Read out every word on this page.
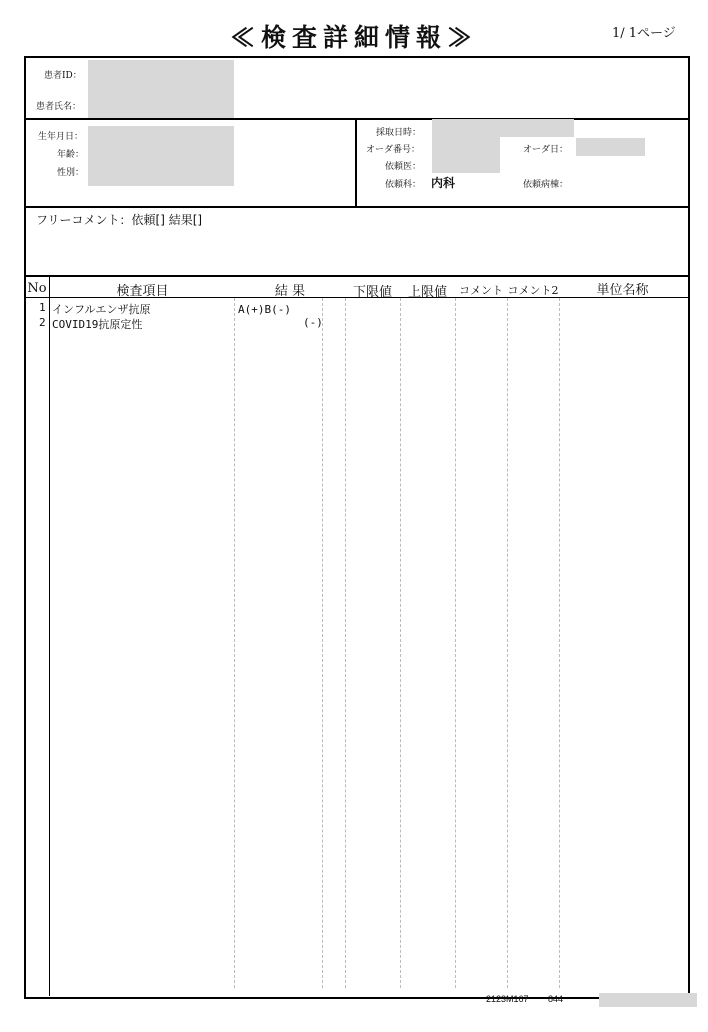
≪検査詳細情報≫	1/ 1ページ
患者ID：
患者氏名：
生年月日：
年齢：
性別：
採取日時：
オーダ番号：	オーダ日：
依頼医：
依頼科： 内科	依頼病棟：
フリーコメント：依頼[] 結果[]
No	検査項目	結 果	下限値	上限値	コメント コメント2	単位名称
1 インフルエンザ抗原	A(+)B(-)
2 COVID19抗原定性	(-)
2123M167 844
